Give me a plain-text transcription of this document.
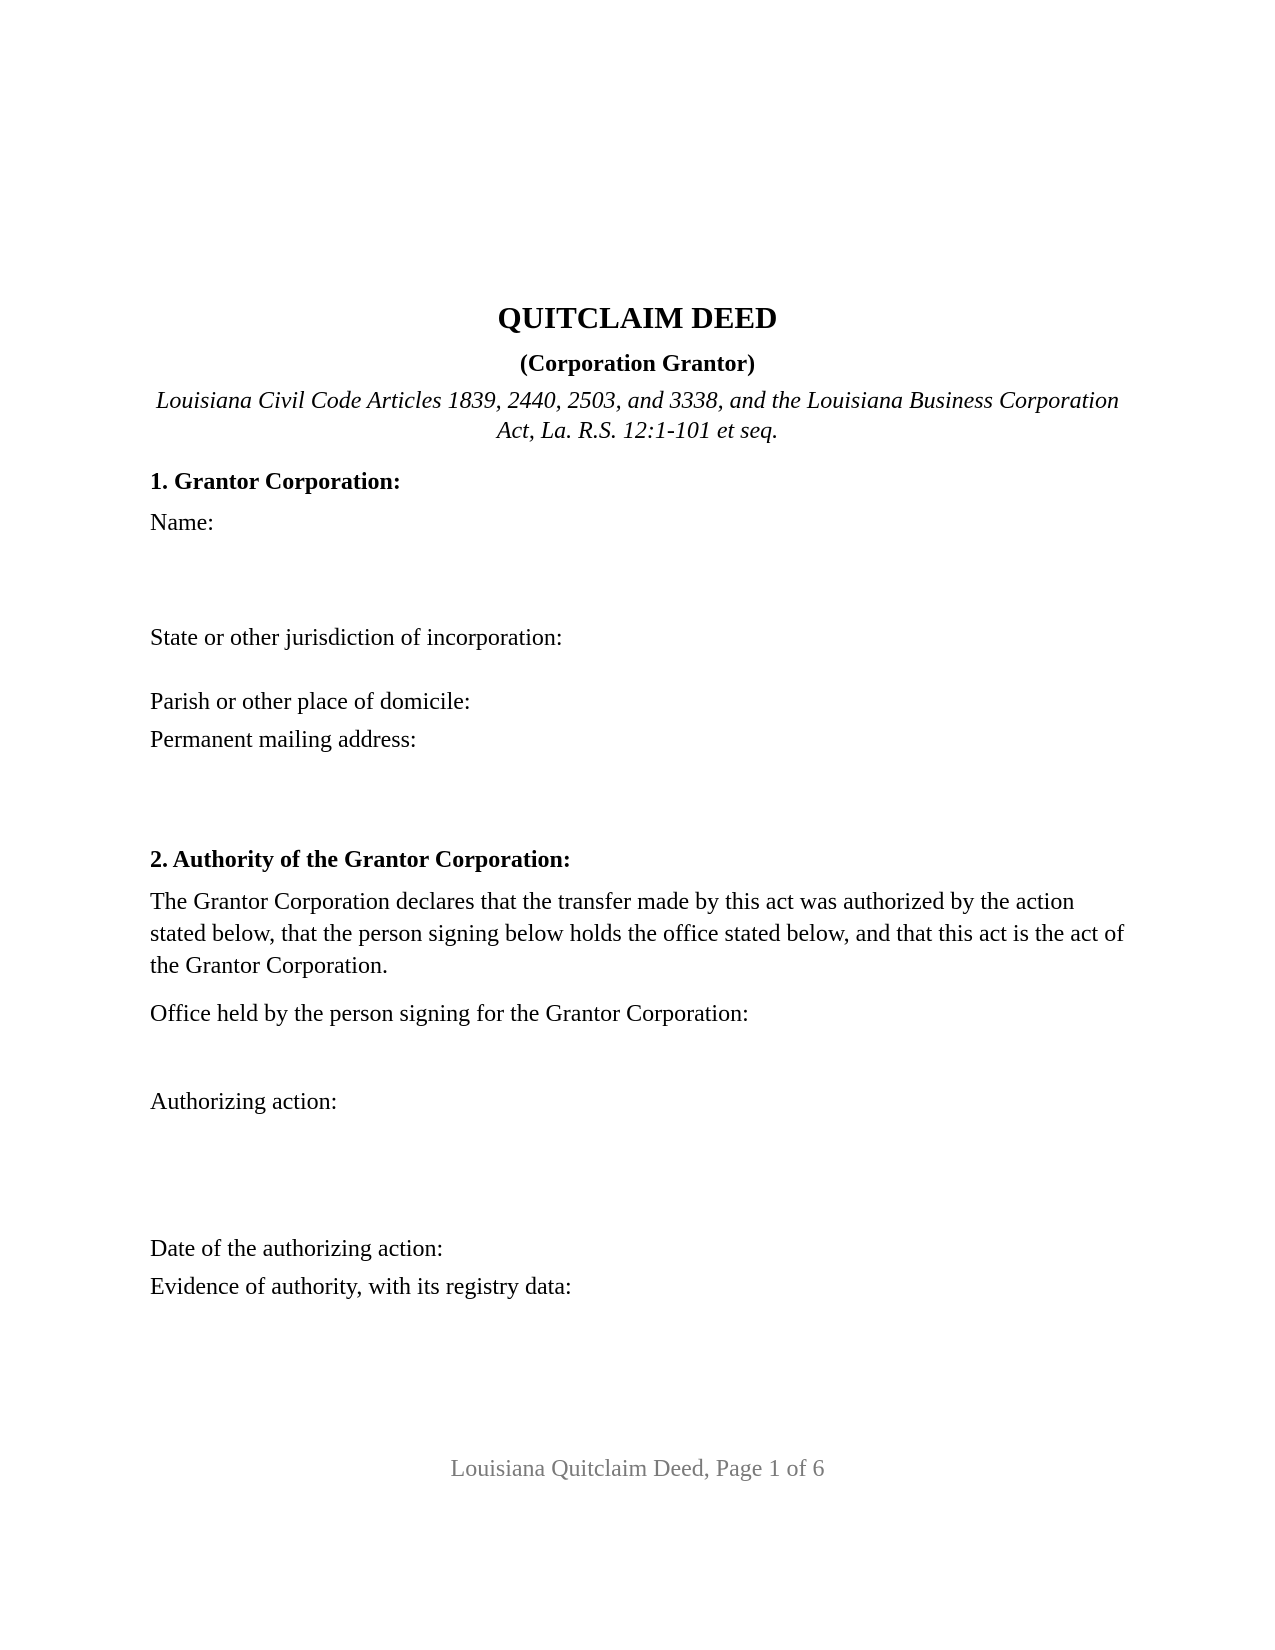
QUITCLAIM DEED
(Corporation Grantor)
Louisiana Civil Code Articles 1839, 2440, 2503, and 3338, and the Louisiana Business Corporation Act, La. R.S. 12:1-101 et seq.
1. Grantor Corporation:
Name:
State or other jurisdiction of incorporation:
Parish or other place of domicile:
Permanent mailing address:
2. Authority of the Grantor Corporation:
The Grantor Corporation declares that the transfer made by this act was authorized by the action stated below, that the person signing below holds the office stated below, and that this act is the act of the Grantor Corporation.
Office held by the person signing for the Grantor Corporation:
Authorizing action:
Date of the authorizing action:
Evidence of authority, with its registry data:
Louisiana Quitclaim Deed, Page 1 of 6
